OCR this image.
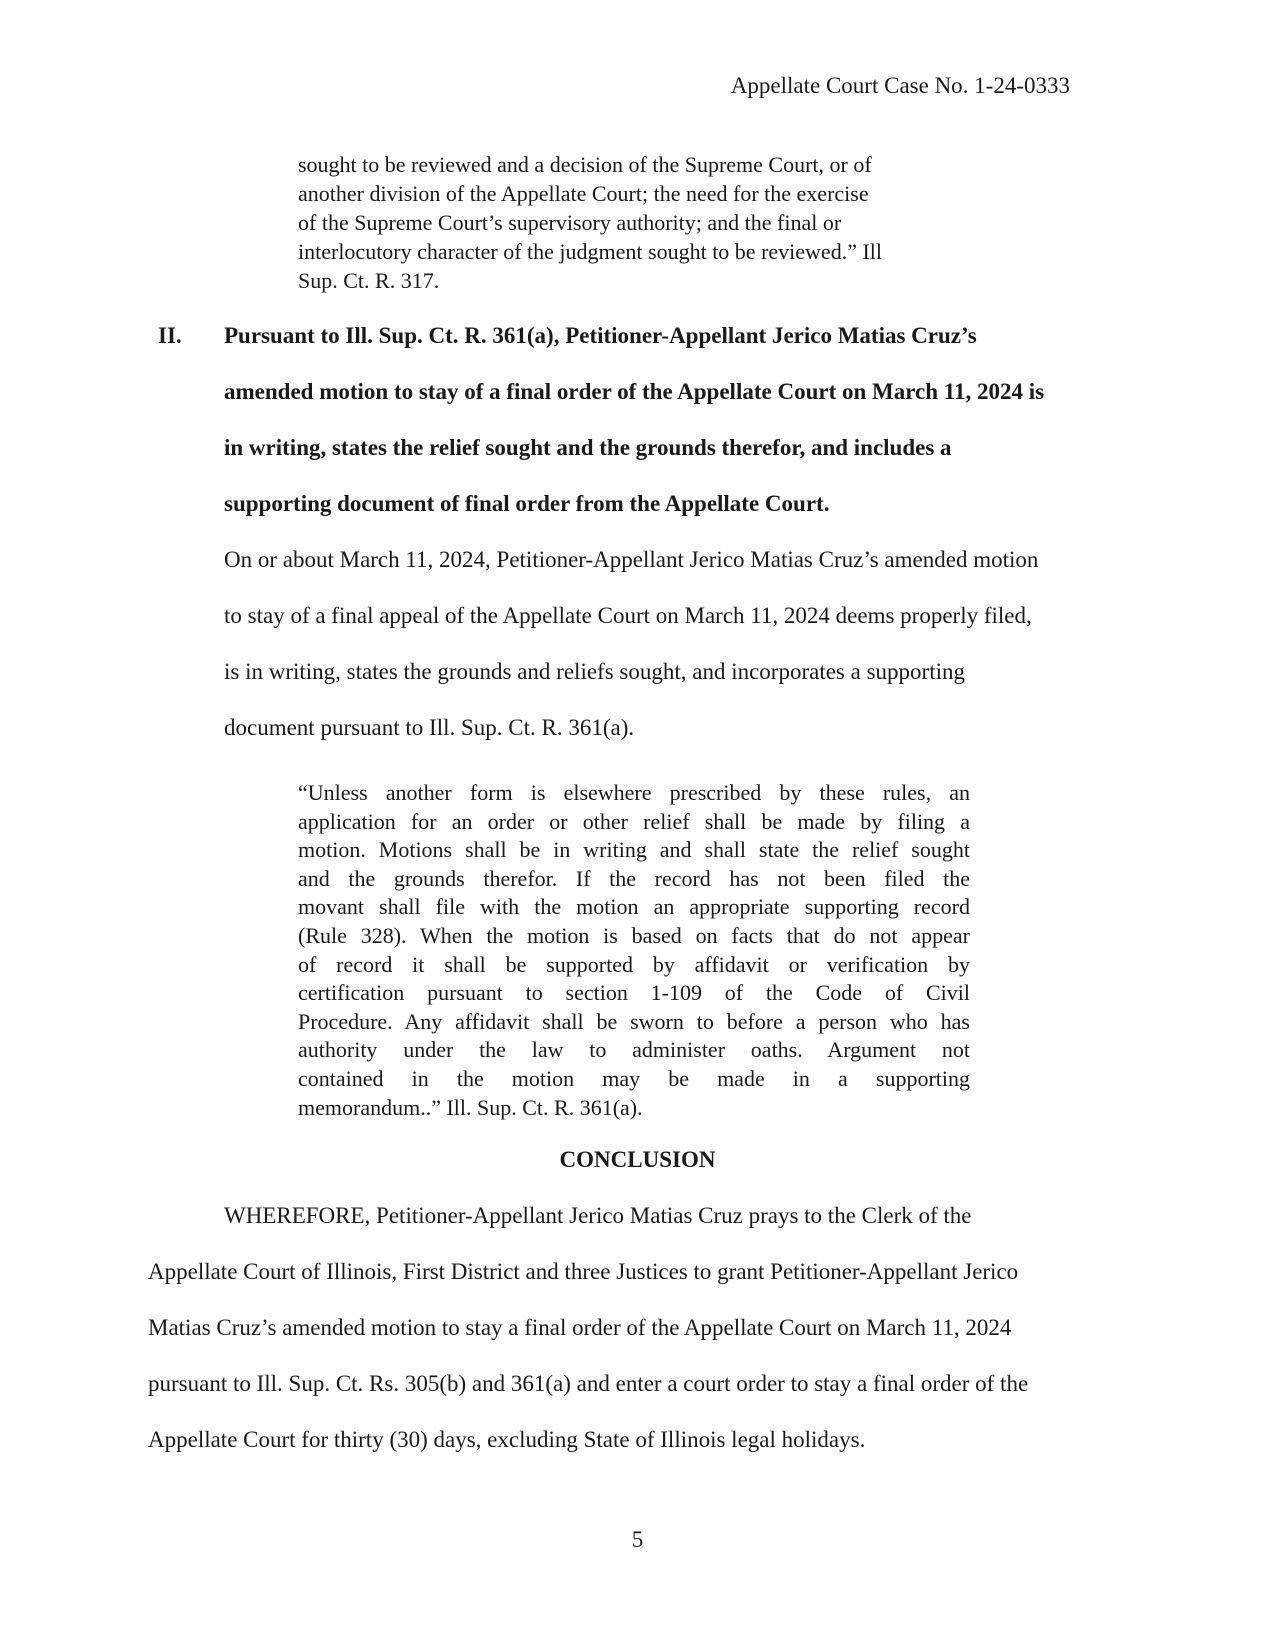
Appellate Court Case No. 1-24-0333
sought to be reviewed and a decision of the Supreme Court, or of
another division of the Appellate Court; the need for the exercise
of the Supreme Court’s supervisory authority; and the final or
interlocutory character of the judgment sought to be reviewed.” Ill
Sup. Ct. R. 317.
II. Pursuant to Ill. Sup. Ct. R. 361(a), Petitioner-Appellant Jerico Matias Cruz’s
amended motion to stay of a final order of the Appellate Court on March 11, 2024 is
in writing, states the relief sought and the grounds therefor, and includes a
supporting document of final order from the Appellate Court.
On or about March 11, 2024, Petitioner-Appellant Jerico Matias Cruz’s amended motion
to stay of a final appeal of the Appellate Court on March 11, 2024 deems properly filed,
is in writing, states the grounds and reliefs sought, and incorporates a supporting
document pursuant to Ill. Sup. Ct. R. 361(a).
“Unless another form is elsewhere prescribed by these rules, an
application for an order or other relief shall be made by filing a
motion. Motions shall be in writing and shall state the relief sought
and the grounds therefor. If the record has not been filed the
movant shall file with the motion an appropriate supporting record
(Rule 328). When the motion is based on facts that do not appear
of record it shall be supported by affidavit or verification by
certification pursuant to section 1-109 of the Code of Civil
Procedure. Any affidavit shall be sworn to before a person who has
authority under the law to administer oaths. Argument not
contained in the motion may be made in a supporting
memorandum..” Ill. Sup. Ct. R. 361(a).
CONCLUSION
WHEREFORE, Petitioner-Appellant Jerico Matias Cruz prays to the Clerk of the
Appellate Court of Illinois, First District and three Justices to grant Petitioner-Appellant Jerico
Matias Cruz’s amended motion to stay a final order of the Appellate Court on March 11, 2024
pursuant to Ill. Sup. Ct. Rs. 305(b) and 361(a) and enter a court order to stay a final order of the
Appellate Court for thirty (30) days, excluding State of Illinois legal holidays.
5
